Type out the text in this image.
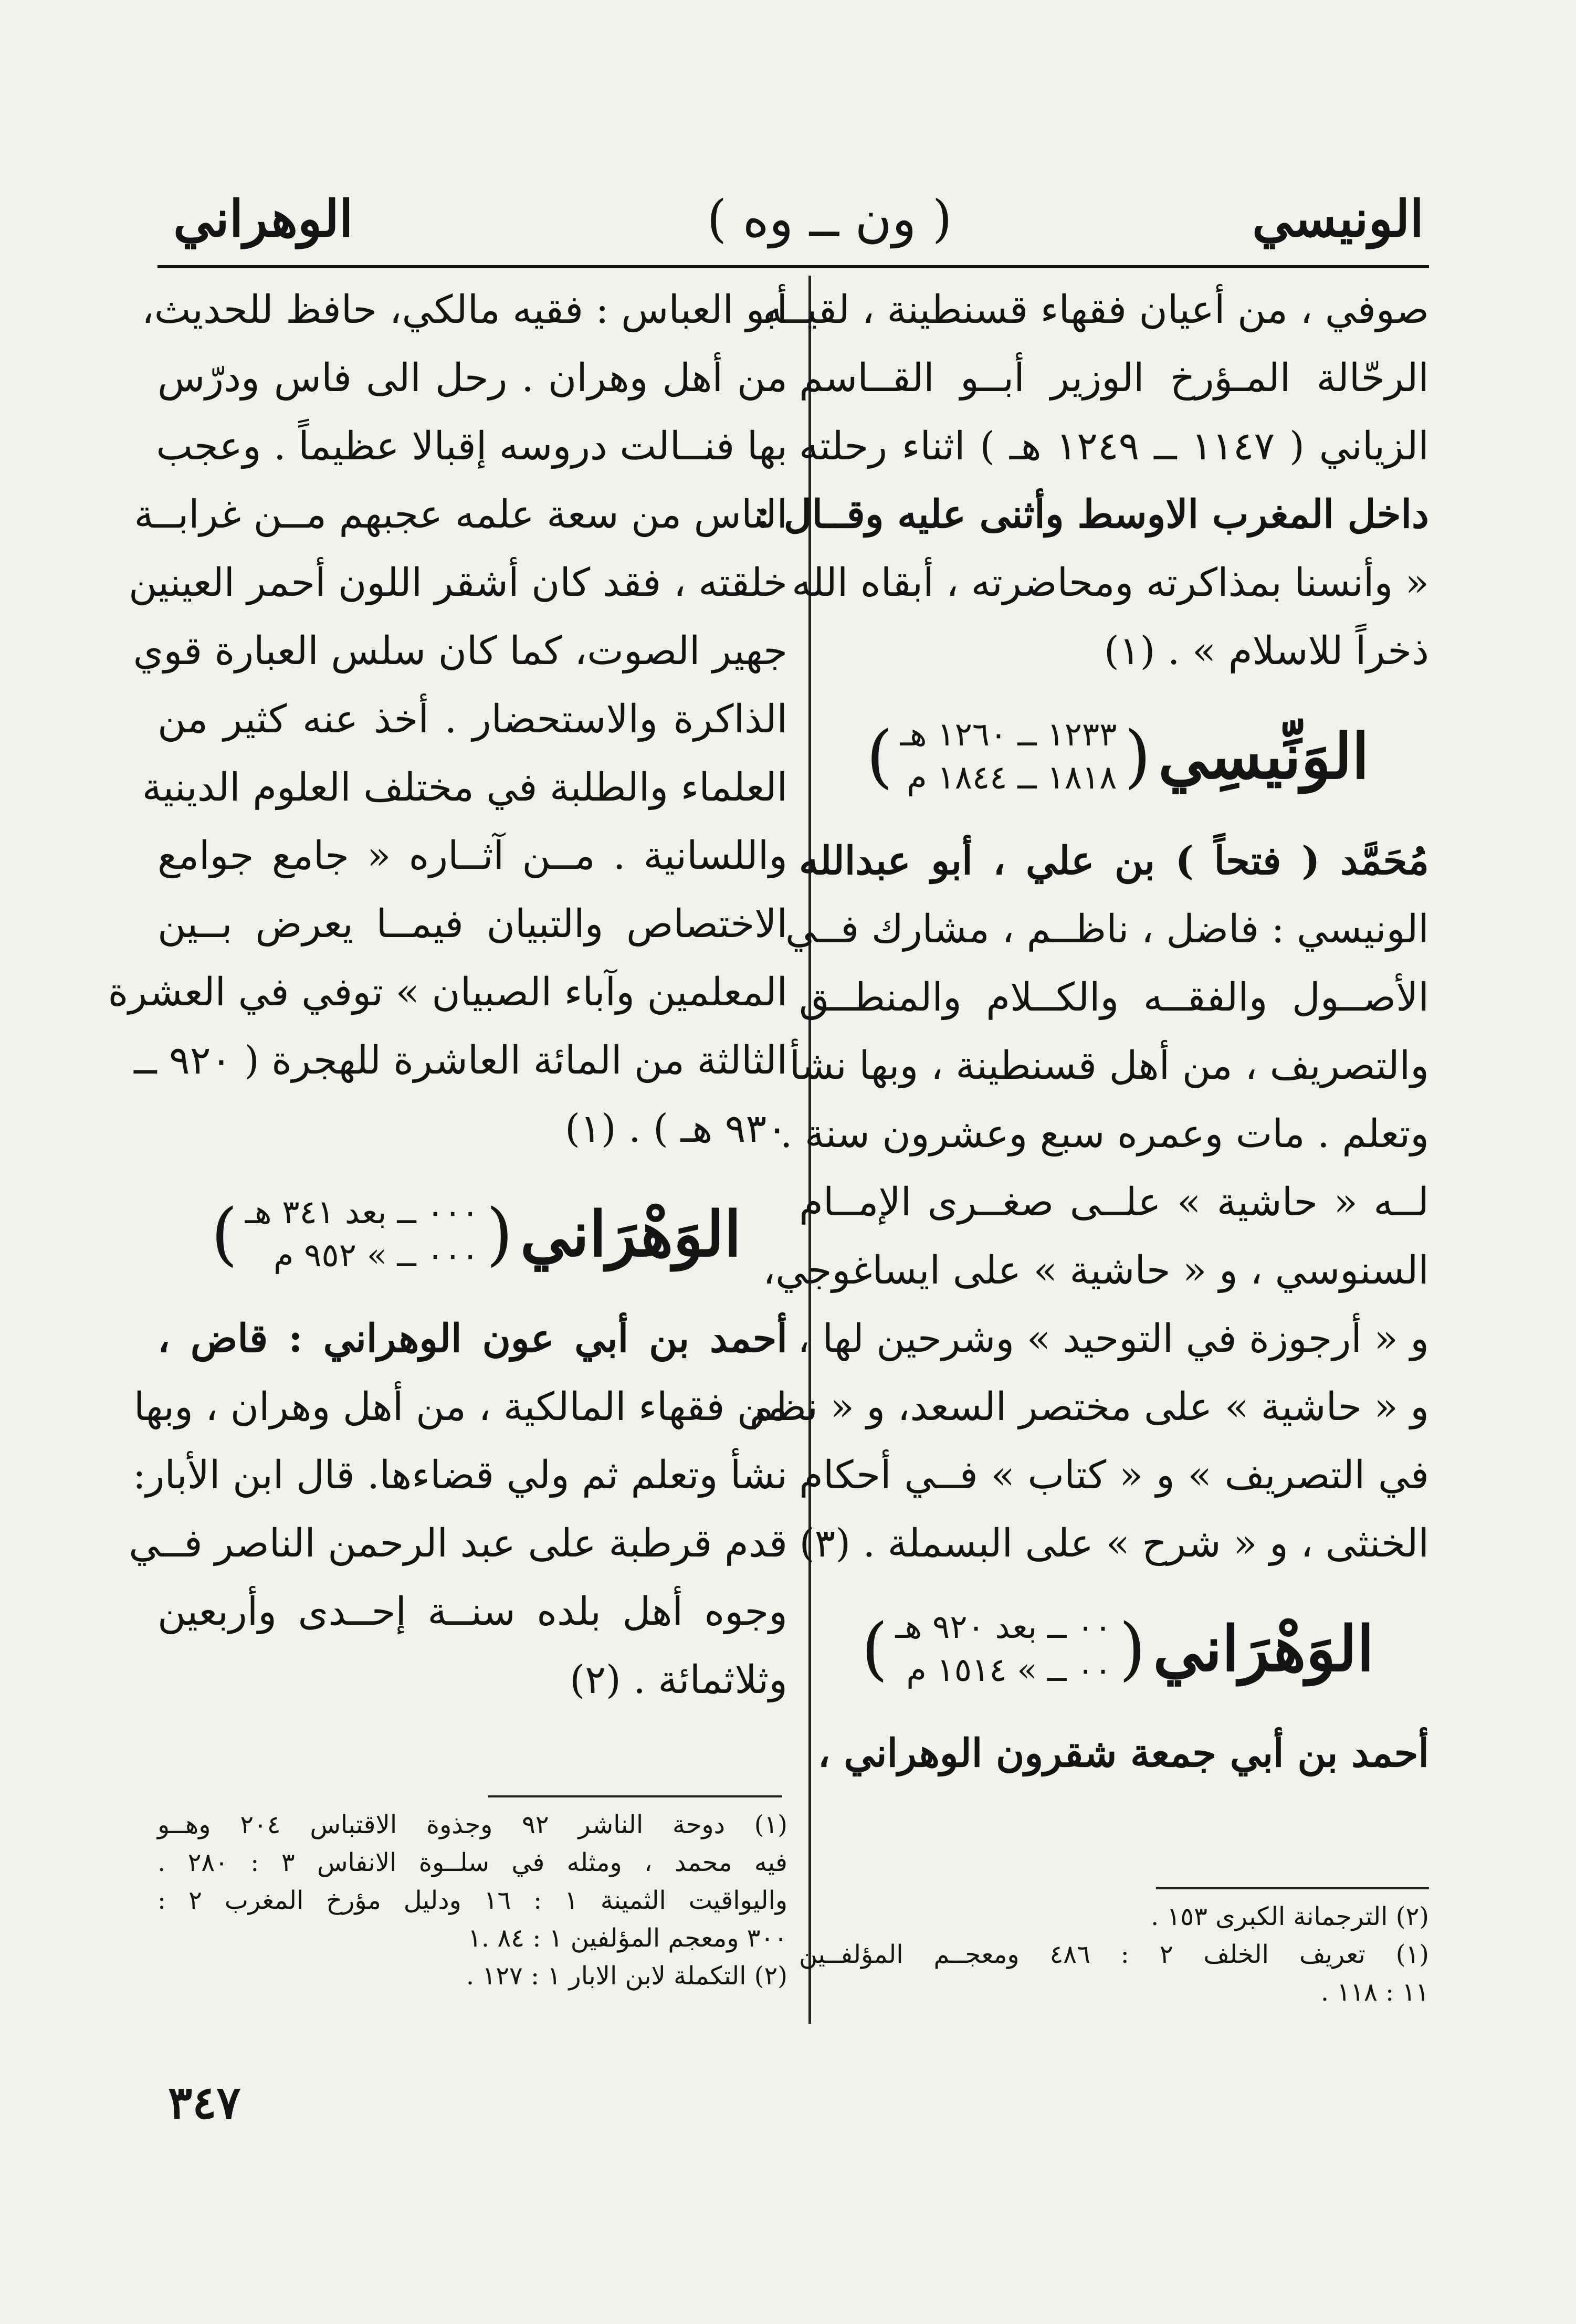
الونيسي
( ون ــ وه )
الوهراني
صوفي ، من أعيان فقهاء قسنطينة ، لقيــه
الرحّالة المـؤرخ الوزير أبــو القــاسم
الزياني ( ١١٤٧ ــ ١٢٤٩ هـ ) اثناء رحلته
داخل المغرب الاوسط وأثنى عليه وقــال :
« وأنسنا بمذاكرته ومحاضرته ، أبقاه الله
ذخراً للاسلام » . (١)
الوَنِّيسِي
(
١٢٣٣ ــ ١٢٦٠ هـ
١٨١٨ ــ ١٨٤٤ م
)
مُحَمَّد ( فتحاً ) بن علي ، أبو عبدالله
الونيسي : فاضل ، ناظــم ، مشارك فــي
الأصــول والفقــه والكــلام والمنطــق
والتصريف ، من أهل قسنطينة ، وبها نشأ
وتعلم . مات وعمره سبع وعشرون سنة .
لــه « حاشية » علــى صغــرى الإمــام
السنوسي ، و « حاشية » على ايساغوجي،
و « أرجوزة في التوحيد » وشرحين لها ،
و « حاشية » على مختصر السعد، و « نظم
في التصريف » و « كتاب » فــي أحكام
الخنثى ، و « شرح » على البسملة . (٣)
الوَهْرَاني
(
٠٠ ــ بعد ٩٢٠ هـ
٠٠ ــ » ١٥١٤ م
)
أحمد بن أبي جمعة شقرون الوهراني ،
(٢) الترجمانة الكبرى ١٥٣ .
(١) تعريف الخلف ٢ : ٤٨٦ ومعجــم المؤلفــين
١١ : ١١٨ .
أبو العباس : فقيه مالكي، حافظ للحديث،
من أهل وهران . رحل الى فاس ودرّس
بها فنــالت دروسه إقبالا عظيماً . وعجب
الناس من سعة علمه عجبهم مــن غرابــة
خلقته ، فقد كان أشقر اللون أحمر العينين
جهير الصوت، كما كان سلس العبارة قوي
الذاكرة والاستحضار . أخذ عنه كثير من
العلماء والطلبة في مختلف العلوم الدينية
واللسانية . مــن آثــاره « جامع جوامع
الاختصاص والتبيان فيمــا يعرض بــين
المعلمين وآباء الصبيان » توفي في العشرة
الثالثة من المائة العاشرة للهجرة ( ٩٢٠ ــ
٩٣٠ هـ ) . (١)
الوَهْرَاني
(
٠٠٠ ــ بعد ٣٤١ هـ
٠٠٠ ــ » ٩٥٢ م
)
أحمد بن أبي عون الوهراني : قاض ،
من فقهاء المالكية ، من أهل وهران ، وبها
نشأ وتعلم ثم ولي قضاءها. قال ابن الأبار:
قدم قرطبة على عبد الرحمن الناصر فــي
وجوه أهل بلده سنــة إحــدى وأربعين
وثلاثمائة . (٢)
(١) دوحة الناشر ٩٢ وجذوة الاقتباس ٢٠٤ وهــو
فيه محمد ، ومثله في سلــوة الانفاس ٣ : ٢٨٠ .
واليواقيت الثمينة ١ : ١٦ ودليل مؤرخ المغرب ٢ :
٣٠٠ ومعجم المؤلفين ١ : ٨٤ .١
(٢) التكملة لابن الابار ١ : ١٢٧ .
٣٤٧
